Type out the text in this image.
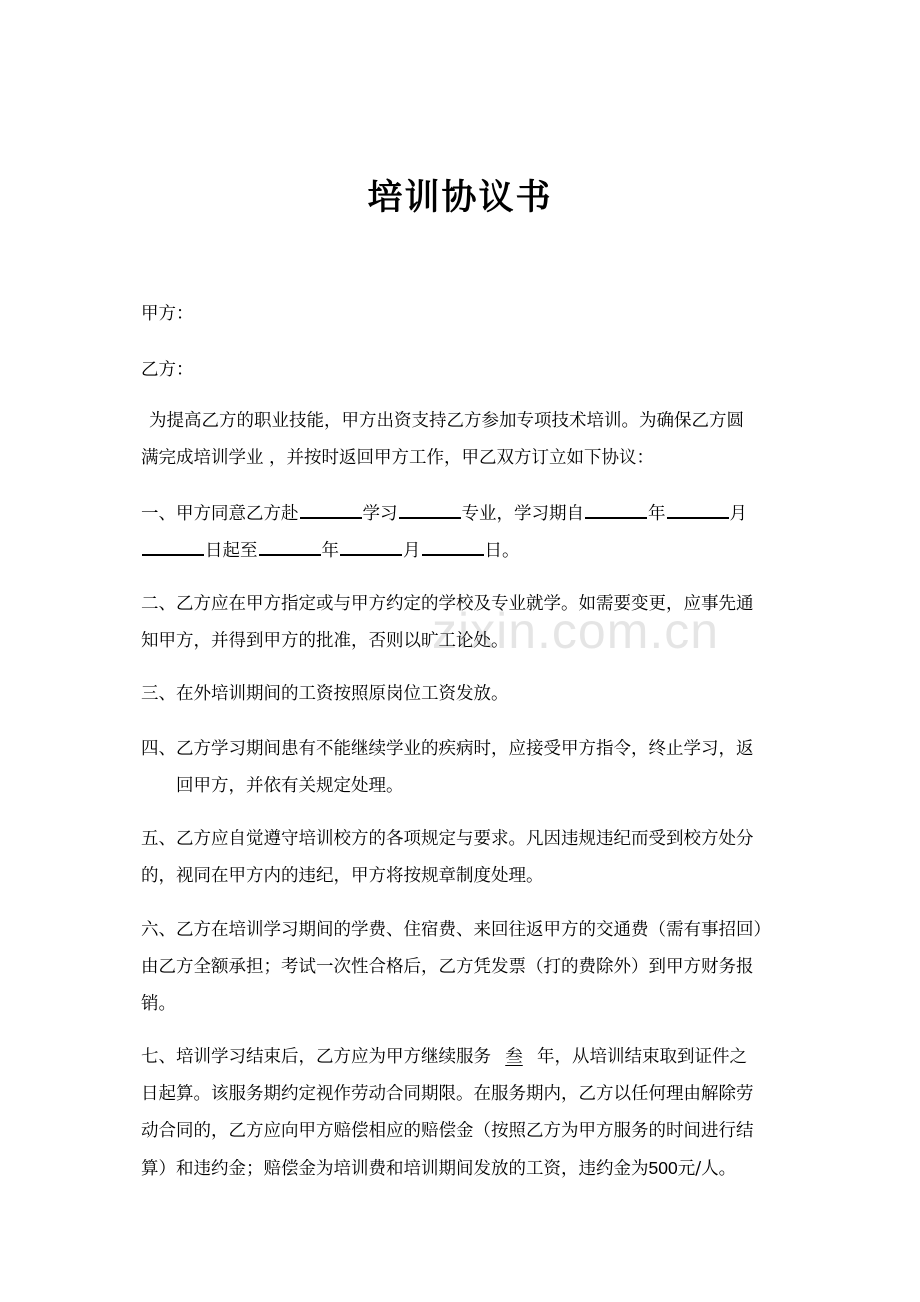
培训协议书
甲方：
乙方：
为提高乙方的职业技能，甲方出资支持乙方参加专项技术培训。为确保乙方圆
满完成培训学业 ，并按时返回甲方工作，甲乙双方订立如下协议：
一、甲方同意乙方赴	学习	专业，学习期自	年	月
日起至	年	月	日。
二、乙方应在甲方指定或与甲方约定的学校及专业就学。如需要变更，应事先通
知甲方，并得到甲方的批准，否则以旷工论处。
三、在外培训期间的工资按照原岗位工资发放。
四、乙方学习期间患有不能继续学业的疾病时，应接受甲方指令，终止学习，返
回甲方，并依有关规定处理。
五、乙方应自觉遵守培训校方的各项规定与要求。凡因违规违纪而受到校方处分
的，视同在甲方内的违纪，甲方将按规章制度处理。
六、乙方在培训学习期间的学费、住宿费、来回往返甲方的交通费（需有事招回）
由乙方全额承担；考试一次性合格后，乙方凭发票（打的费除外）到甲方财务报
销。
七、培训学习结束后，乙方应为甲方继续服务 叁 年，从培训结束取到证件之
日起算。该服务期约定视作劳动合同期限。在服务期内，乙方以任何理由解除劳
动合同的，乙方应向甲方赔偿相应的赔偿金（按照乙方为甲方服务的时间进行结
算）和违约金；赔偿金为培训费和培训期间发放的工资，违约金为500元/人。
zixin.com.cn
